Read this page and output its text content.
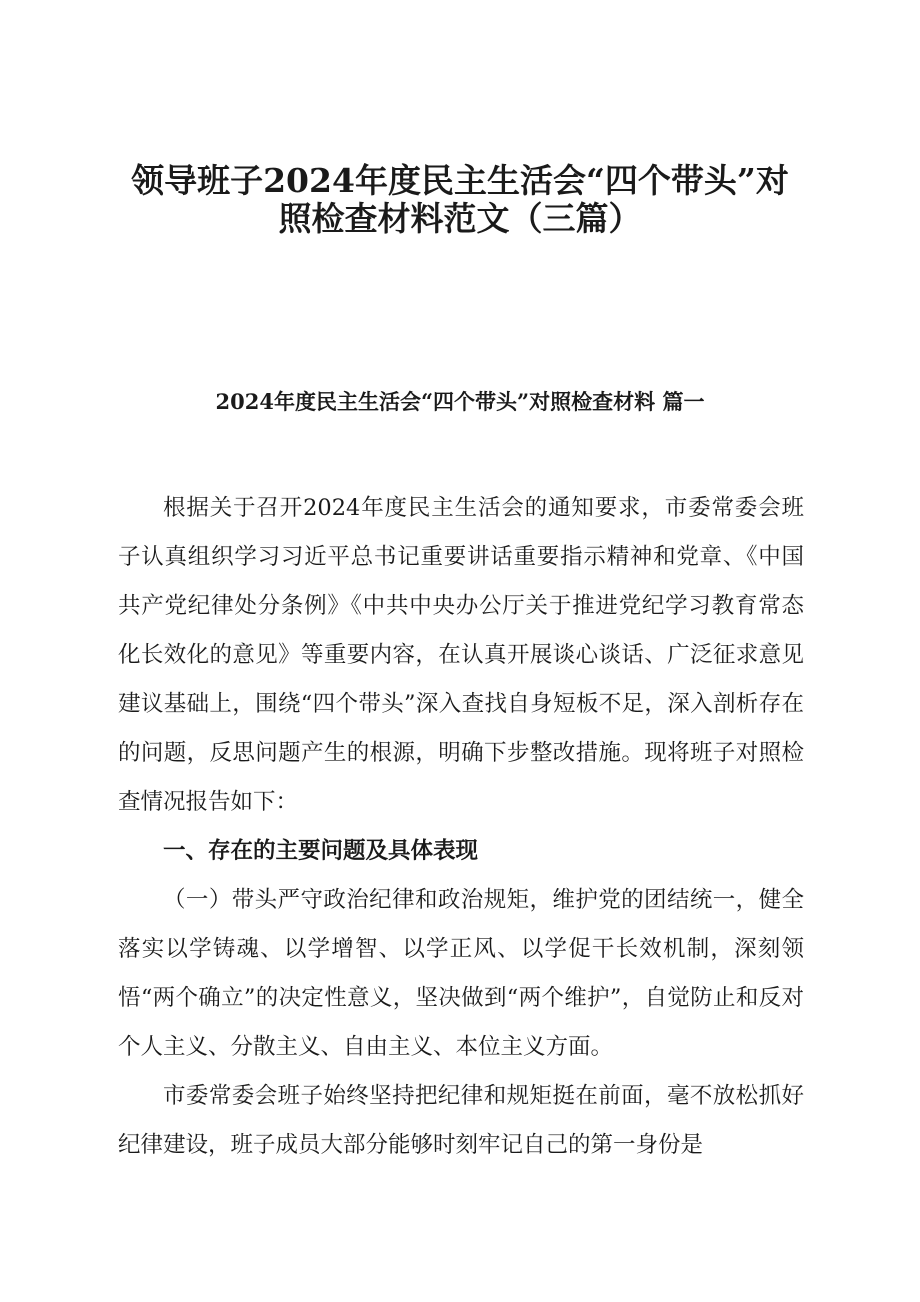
领导班子2024年度民主生活会“四个带头”对
照检查材料范文（三篇）
2024年度民主生活会“四个带头”对照检查材料 篇一

根据关于召开2024年度民主生活会的通知要求，市委常委会班子认真组织学习习近平总书记重要讲话重要指示精神和党章、《中国共产党纪律处分条例》《中共中央办公厅关于推进党纪学习教育常态化长效化的意见》等重要内容，在认真开展谈心谈话、广泛征求意见建议基础上，围绕“四个带头”深入查找自身短板不足，深入剖析存在的问题，反思问题产生的根源，明确下步整改措施。现将班子对照检查情况报告如下：

一、存在的主要问题及具体表现

（一）带头严守政治纪律和政治规矩，维护党的团结统一，健全落实以学铸魂、以学增智、以学正风、以学促干长效机制，深刻领悟“两个确立”的决定性意义，坚决做到“两个维护”，自觉防止和反对个人主义、分散主义、自由主义、本位主义方面。

市委常委会班子始终坚持把纪律和规矩挺在前面，毫不放松抓好纪律建设，班子成员大部分能够时刻牢记自己的第一身份是
